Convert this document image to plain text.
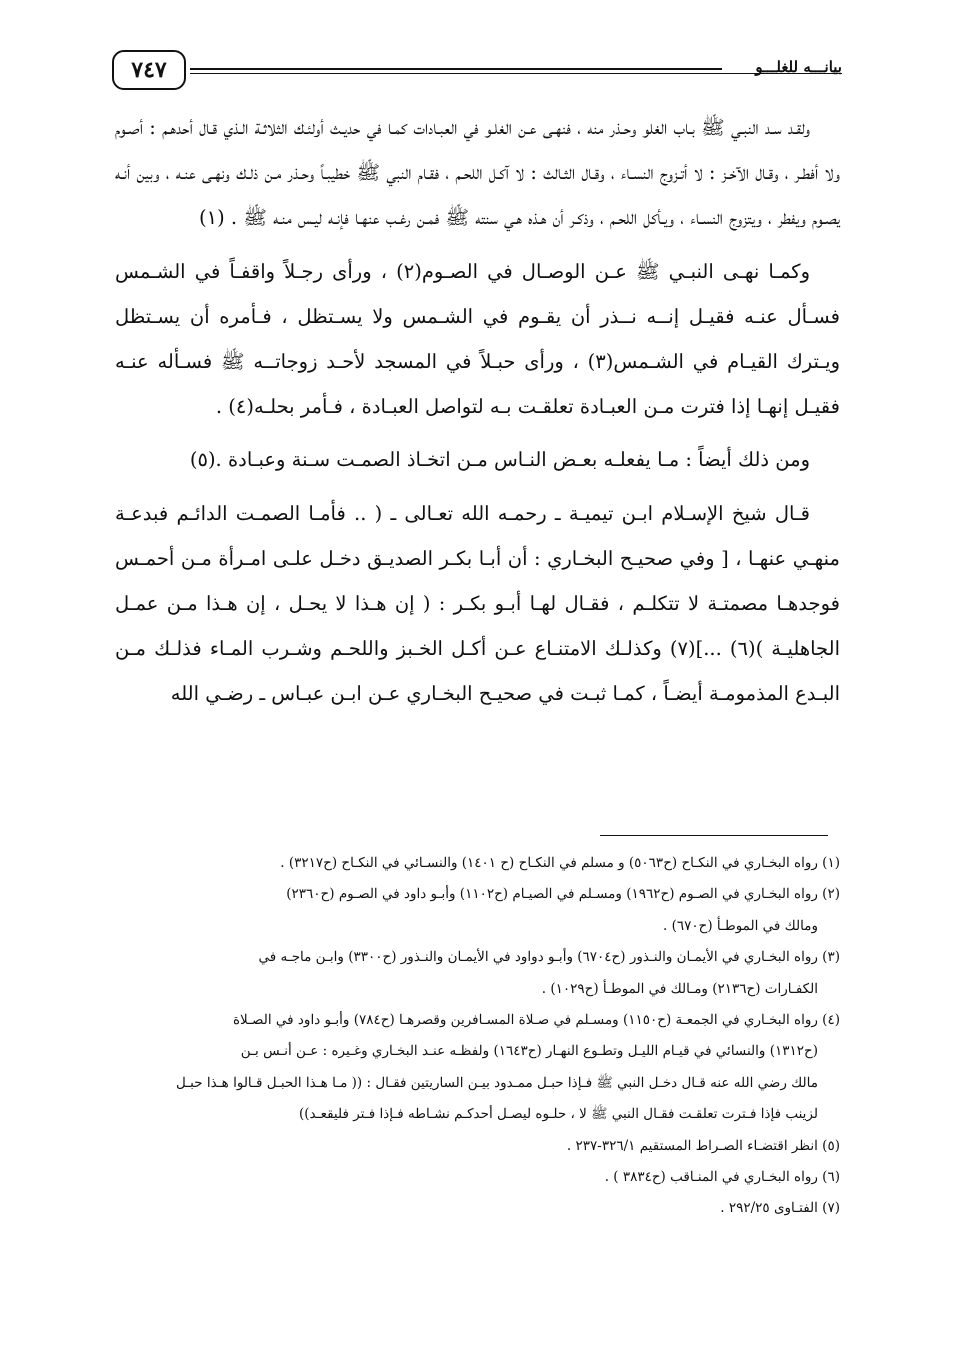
بيانـــه للغلـــو
٧٤٧

ولقـد سـد النبـي ﷺ بـاب الغلو وحـذر منه ، فنهـى عـن الغلـو في العبـادات كمـا في حديـث أولئـك الثلاثـة الـذي قـال أحدهـم : أصـوم ولا أفطـر ، وقـال الآخـز : لا أتـزوج النسـاء ، وقـال الثـالث : لا آكـل اللحـم ، فقـام النبي ﷺ خطيبـاً وحـذر مـن ذلـك ونهـى عنـه ، وبين أنـه يصـوم ويفطر ، ويتزوج النسـاء ، ويـأكل اللحـم ، وذكـر أن هـذه هـي سنته ﷺ فمـن رغـب عنهـا فإنـه ليـس منـه ﷺ . (١)

وكمـا نهـى النبـي ﷺ عـن الوصـال في الصـوم(٢) ، ورأى رجـلاً واقفـاً في الشـمس فسـأل عنـه فقيـل إنــه نــذر أن يقـوم في الشـمس ولا يسـتظل ، فـأمره أن يسـتظل ويـترك القيـام في الشـمس(٣) ، ورأى حبـلاً في المسجد لأحـد زوجاتــه ﷺ فسـأله عنـه فقيـل إنهـا إذا فترت مـن العبـادة تعلقـت بـه لتواصل العبـادة ، فـأمر بحلـه(٤) .

ومن ذلك أيضاً : مـا يفعلـه بعـض النـاس مـن اتخـاذ الصمـت سـنة وعبـادة .(٥)

قـال شيخ الإسـلام ابـن تيميـة ـ رحمـه الله تعـالى ـ ( .. فأمـا الصمـت الدائـم فبدعـة منهـي عنهـا ، [ وفي صحيـح البخـاري : أن أبـا بكـر الصديـق دخـل علـى امـرأة مـن أحمـس فوجدهـا مصمتـة لا تتكلـم ، فقـال لهـا أبـو بكـر : ( إن هـذا لا يحـل ، إن هـذا مـن عمـل الجاهليـة )(٦) ...](٧) وكذلـك الامتنـاع عـن أكـل الخـبز واللحـم وشـرب المـاء فذلـك مـن البـدع المذمومـة أيضـاً ، كمـا ثبـت في صحيـح البخـاري عـن ابـن عبـاس ـ رضـي الله

(١) رواه البخـاري في النكـاح (ح٥٠٦٣) و مسلم في النكـاح (ح ١٤٠١) والنسـائي في النكـاح (ح٣٢١٧) .

(٢) رواه البخـاري في الصـوم (ح١٩٦٢) ومسـلم في الصيـام (ح١١٠٢) وأبـو داود في الصـوم (ح٢٣٦٠)

ومالك في الموطـأ (ح٦٧٠) .

(٣) رواه البخـاري في الأيمـان والنـذور (ح٦٧٠٤) وأبـو دواود في الأيمـان والنـذور (ح٣٣٠٠) وابـن ماجـه في

الكفـارات (ح٢١٣٦) ومـالك في الموطـأ (ح١٠٢٩) .

(٤) رواه البخـاري في الجمعـة (ح١١٥٠) ومسـلم في صـلاة المسـافرين وقصرهـا (ح٧٨٤) وأبـو داود في الصـلاة

(ح١٣١٢) والنسائي في قيـام الليـل وتطـوع النهـار (ح١٦٤٣) ولفظـه عنـد البخـاري وغـيره : عـن أنـس بـن

مالك رضي الله عنه قـال دخـل النبي ﷺ فـإذا حبـل ممـدود بيـن الساريتين فقـال : (( مـا هـذا الحبـل قـالوا هـذا حبـل

لزينب فإذا فـترت تعلقـت فقـال النبي ﷺ لا ، حلـوه ليصـل أحدكـم نشـاطه فـإذا فـتر فليقعـد))

(٥) انظر اقتضـاء الصـراط المستقيم ٣٢٦/١-٢٣٧ .

(٦) رواه البخـاري في المنـاقب (ح٣٨٣٤ ) .

(٧) الفتـاوى ٢٩٢/٢٥ .
